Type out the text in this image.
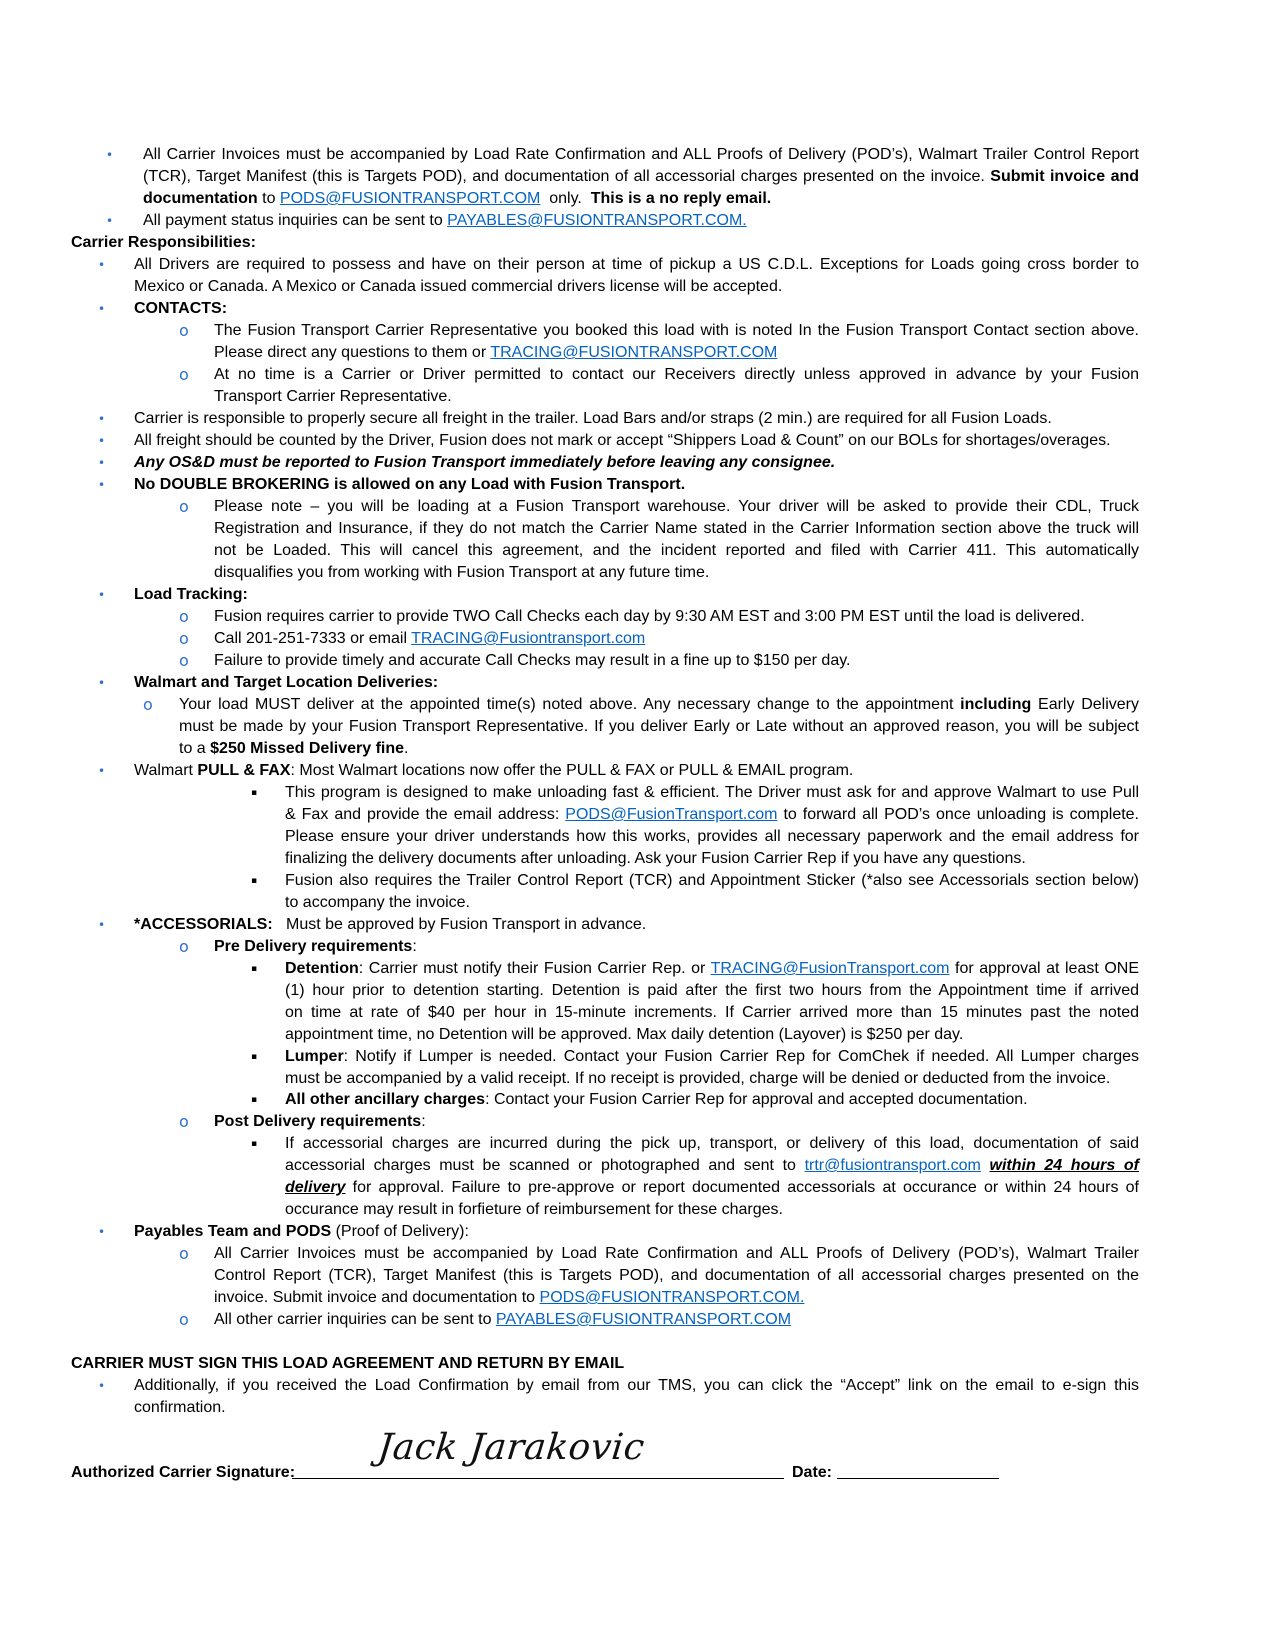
• All Carrier Invoices must be accompanied by Load Rate Confirmation and ALL Proofs of Delivery (POD’s), Walmart Trailer Control Report
(TCR), Target Manifest (this is Targets POD), and documentation of all accessorial charges presented on the invoice. Submit invoice and
documentation to PODS@FUSIONTRANSPORT.COM only. This is a no reply email.
• All payment status inquiries can be sent to PAYABLES@FUSIONTRANSPORT.COM.
Carrier Responsibilities:
• All Drivers are required to possess and have on their person at time of pickup a US C.D.L. Exceptions for Loads going cross border to
Mexico or Canada. A Mexico or Canada issued commercial drivers license will be accepted.
• CONTACTS:
o The Fusion Transport Carrier Representative you booked this load with is noted In the Fusion Transport Contact section above.
Please direct any questions to them or TRACING@FUSIONTRANSPORT.COM
o At no time is a Carrier or Driver permitted to contact our Receivers directly unless approved in advance by your Fusion
Transport Carrier Representative.
• Carrier is responsible to properly secure all freight in the trailer. Load Bars and/or straps (2 min.) are required for all Fusion Loads.
• All freight should be counted by the Driver, Fusion does not mark or accept “Shippers Load & Count” on our BOLs for shortages/overages.
• Any OS&D must be reported to Fusion Transport immediately before leaving any consignee.
• No DOUBLE BROKERING is allowed on any Load with Fusion Transport.
o Please note – you will be loading at a Fusion Transport warehouse. Your driver will be asked to provide their CDL, Truck
Registration and Insurance, if they do not match the Carrier Name stated in the Carrier Information section above the truck will
not be Loaded. This will cancel this agreement, and the incident reported and filed with Carrier 411. This automatically
disqualifies you from working with Fusion Transport at any future time.
• Load Tracking:
o Fusion requires carrier to provide TWO Call Checks each day by 9:30 AM EST and 3:00 PM EST until the load is delivered.
o Call 201-251-7333 or email TRACING@Fusiontransport.com
o Failure to provide timely and accurate Call Checks may result in a fine up to $150 per day.
• Walmart and Target Location Deliveries:
o Your load MUST deliver at the appointed time(s) noted above. Any necessary change to the appointment including Early Delivery
must be made by your Fusion Transport Representative. If you deliver Early or Late without an approved reason, you will be subject
to a $250 Missed Delivery fine.
• Walmart PULL & FAX: Most Walmart locations now offer the PULL & FAX or PULL & EMAIL program.
▪ This program is designed to make unloading fast & efficient. The Driver must ask for and approve Walmart to use Pull
& Fax and provide the email address: PODS@FusionTransport.com to forward all POD’s once unloading is complete.
Please ensure your driver understands how this works, provides all necessary paperwork and the email address for
finalizing the delivery documents after unloading. Ask your Fusion Carrier Rep if you have any questions.
▪ Fusion also requires the Trailer Control Report (TCR) and Appointment Sticker (*also see Accessorials section below)
to accompany the invoice.
• *ACCESSORIALS: Must be approved by Fusion Transport in advance.
o Pre Delivery requirements:
▪ Detention: Carrier must notify their Fusion Carrier Rep. or TRACING@FusionTransport.com for approval at least ONE
(1) hour prior to detention starting. Detention is paid after the first two hours from the Appointment time if arrived
on time at rate of $40 per hour in 15-minute increments. If Carrier arrived more than 15 minutes past the noted
appointment time, no Detention will be approved. Max daily detention (Layover) is $250 per day.
▪ Lumper: Notify if Lumper is needed. Contact your Fusion Carrier Rep for ComChek if needed. All Lumper charges
must be accompanied by a valid receipt. If no receipt is provided, charge will be denied or deducted from the invoice.
▪ All other ancillary charges: Contact your Fusion Carrier Rep for approval and accepted documentation.
o Post Delivery requirements:
▪ If accessorial charges are incurred during the pick up, transport, or delivery of this load, documentation of said
accessorial charges must be scanned or photographed and sent to trtr@fusiontransport.com within 24 hours of
delivery for approval. Failure to pre-approve or report documented accessorials at occurance or within 24 hours of
occurance may result in forfieture of reimbursement for these charges.
• Payables Team and PODS (Proof of Delivery):
o All Carrier Invoices must be accompanied by Load Rate Confirmation and ALL Proofs of Delivery (POD’s), Walmart Trailer
Control Report (TCR), Target Manifest (this is Targets POD), and documentation of all accessorial charges presented on the
invoice. Submit invoice and documentation to PODS@FUSIONTRANSPORT.COM.
o All other carrier inquiries can be sent to PAYABLES@FUSIONTRANSPORT.COM
CARRIER MUST SIGN THIS LOAD AGREEMENT AND RETURN BY EMAIL
• Additionally, if you received the Load Confirmation by email from our TMS, you can click the “Accept” link on the email to e-sign this
confirmation.
Jack Jarakovic
Authorized Carrier Signature:	Date:
